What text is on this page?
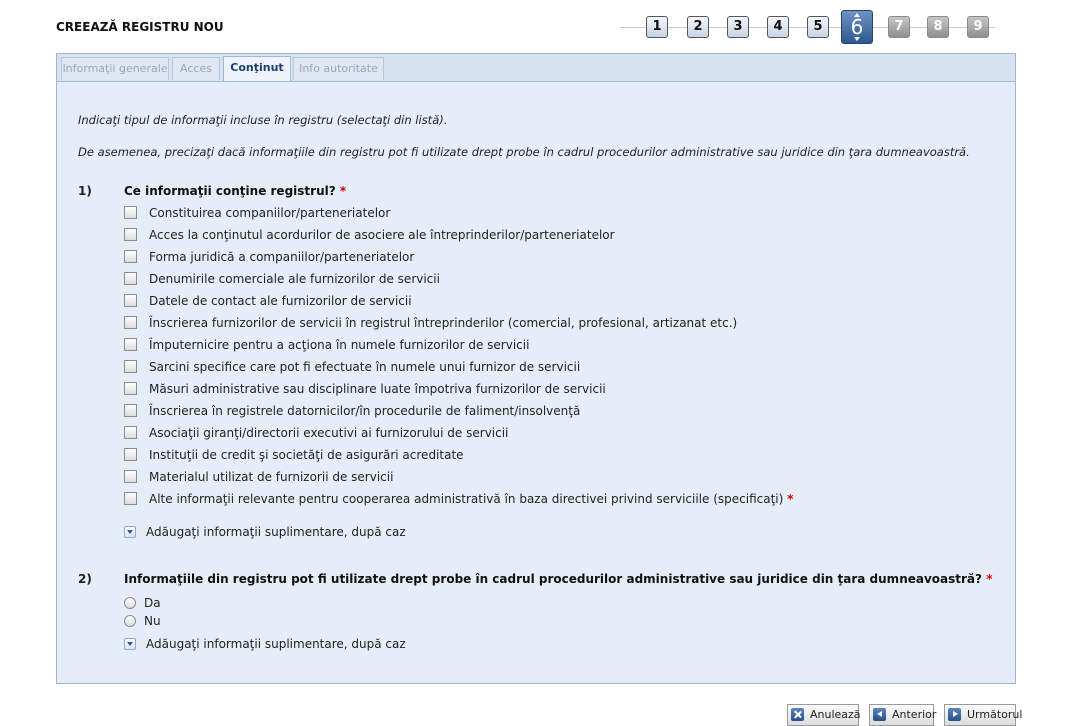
CREEAZĂ REGISTRU NOU	1	2	3	4	5	6	7	8	9
Informaţii generale	Acces	Conţinut	Info autoritate
Indicaţi tipul de informaţii incluse în registru (selectaţi din listă).
De asemenea, precizaţi dacă informaţiile din registru pot fi utilizate drept probe în cadrul procedurilor administrative sau juridice din ţara dumneavoastră.
1)	Ce informaţii conţine registrul? *
Constituirea companiilor/parteneriatelor
Acces la conţinutul acordurilor de asociere ale întreprinderilor/parteneriatelor
Forma juridică a companiilor/parteneriatelor
Denumirile comerciale ale furnizorilor de servicii
Datele de contact ale furnizorilor de servicii
Înscrierea furnizorilor de servicii în registrul întreprinderilor (comercial, profesional, artizanat etc.)
Împuternicire pentru a acţiona în numele furnizorilor de servicii
Sarcini specifice care pot fi efectuate în numele unui furnizor de servicii
Măsuri administrative sau disciplinare luate împotriva furnizorilor de servicii
Înscrierea în registrele datornicilor/în procedurile de faliment/insolvenţă
Asociaţii giranţi/directorii executivi ai furnizorului de servicii
Instituţii de credit şi societăţi de asigurări acreditate
Materialul utilizat de furnizorii de servicii
Alte informaţii relevante pentru cooperarea administrativă în baza directivei privind serviciile (specificaţi) *
Adăugaţi informaţii suplimentare, după caz
2)	Informaţiile din registru pot fi utilizate drept probe în cadrul procedurilor administrative sau juridice din ţara dumneavoastră? *
Da
Nu
Adăugaţi informaţii suplimentare, după caz
Anulează	Anterior	Următorul
